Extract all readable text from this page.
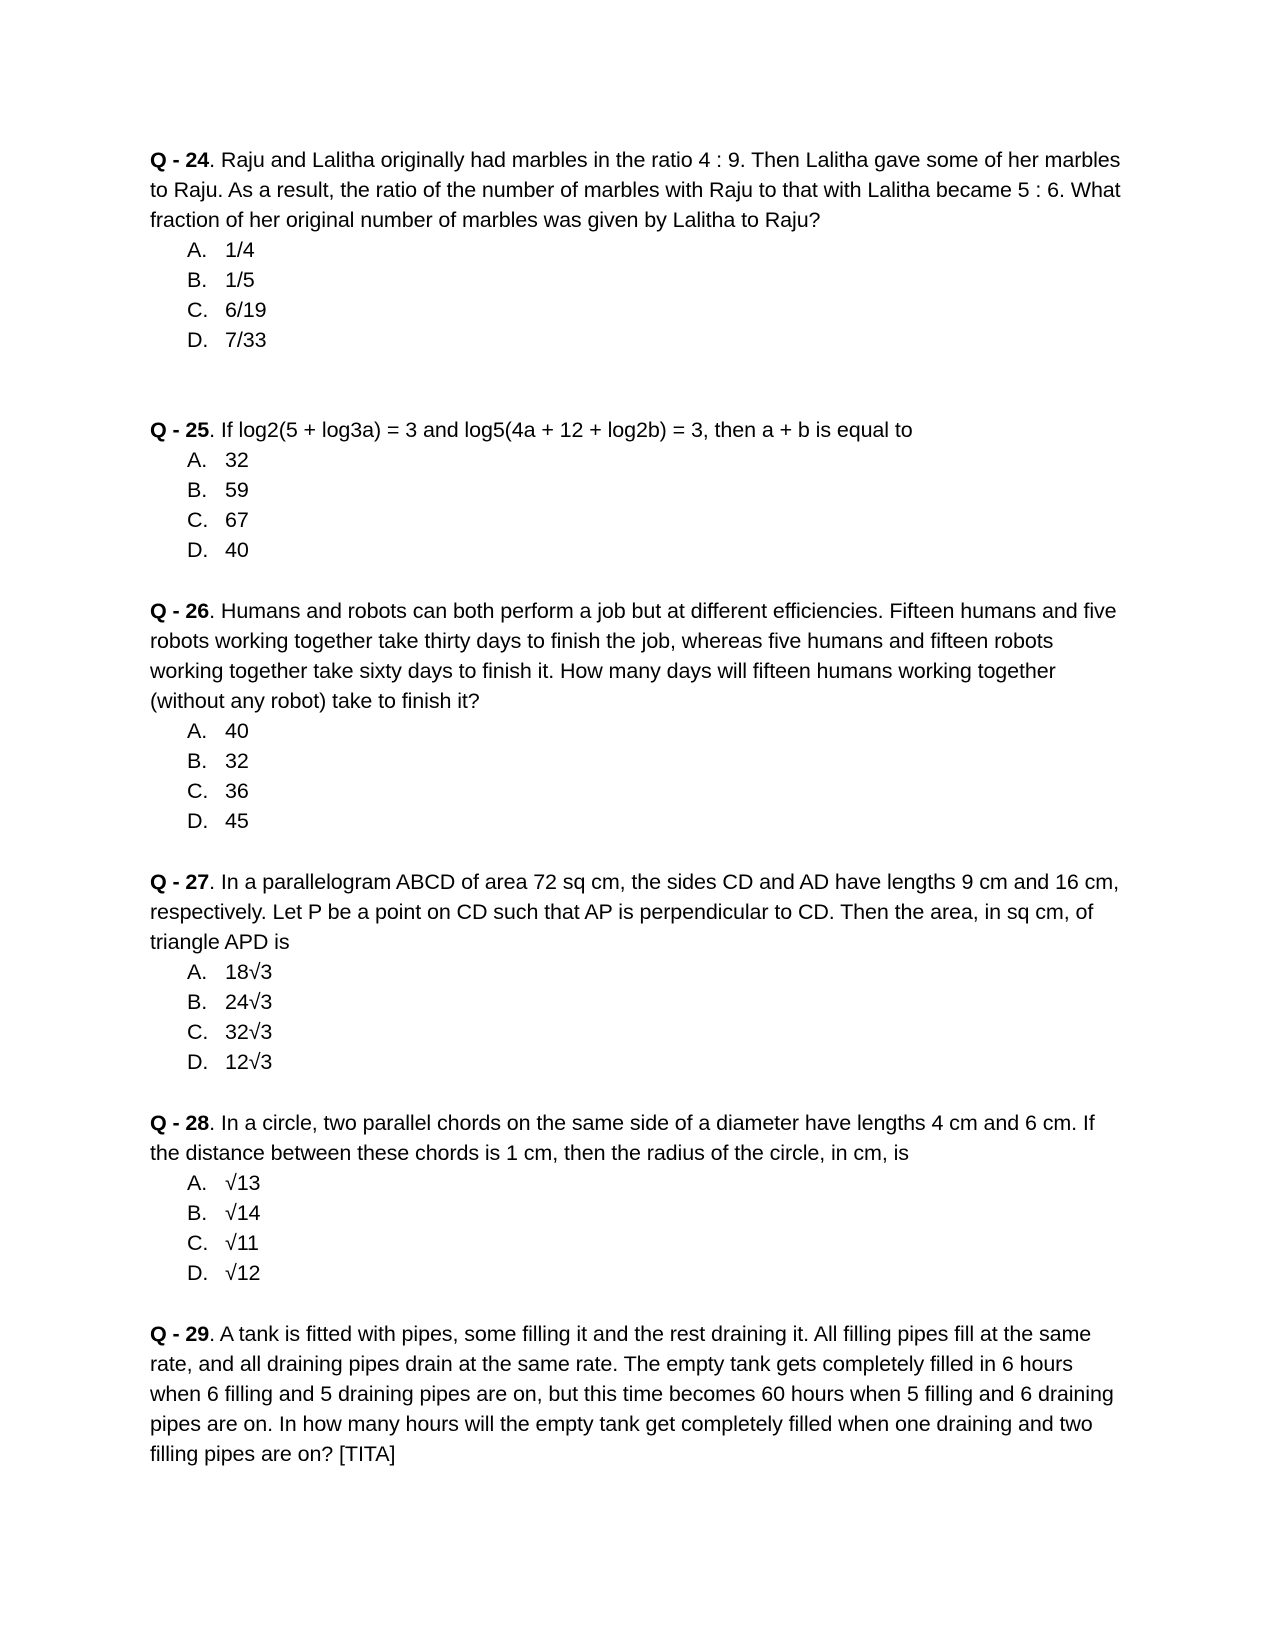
Q - 24. Raju and Lalitha originally had marbles in the ratio 4 : 9. Then Lalitha gave some of her marbles to Raju. As a result, the ratio of the number of marbles with Raju to that with Lalitha became 5 : 6. What fraction of her original number of marbles was given by Lalitha to Raju?

A. 1/4
B. 1/5
C. 6/19
D. 7/33

Q - 25. If log2(5 + log3a) = 3 and log5(4a + 12 + log2b) = 3, then a + b is equal to

A. 32
B. 59
C. 67
D. 40

Q - 26. Humans and robots can both perform a job but at different efficiencies. Fifteen humans and five robots working together take thirty days to finish the job, whereas five humans and fifteen robots working together take sixty days to finish it. How many days will fifteen humans working together (without any robot) take to finish it?

A. 40
B. 32
C. 36
D. 45

Q - 27. In a parallelogram ABCD of area 72 sq cm, the sides CD and AD have lengths 9 cm and 16 cm, respectively. Let P be a point on CD such that AP is perpendicular to CD. Then the area, in sq cm, of triangle APD is

A. 18√3
B. 24√3
C. 32√3
D. 12√3

Q - 28. In a circle, two parallel chords on the same side of a diameter have lengths 4 cm and 6 cm. If the distance between these chords is 1 cm, then the radius of the circle, in cm, is

A. √13
B. √14
C. √11
D. √12

Q - 29. A tank is fitted with pipes, some filling it and the rest draining it. All filling pipes fill at the same rate, and all draining pipes drain at the same rate. The empty tank gets completely filled in 6 hours when 6 filling and 5 draining pipes are on, but this time becomes 60 hours when 5 filling and 6 draining pipes are on. In how many hours will the empty tank get completely filled when one draining and two filling pipes are on? [TITA]
